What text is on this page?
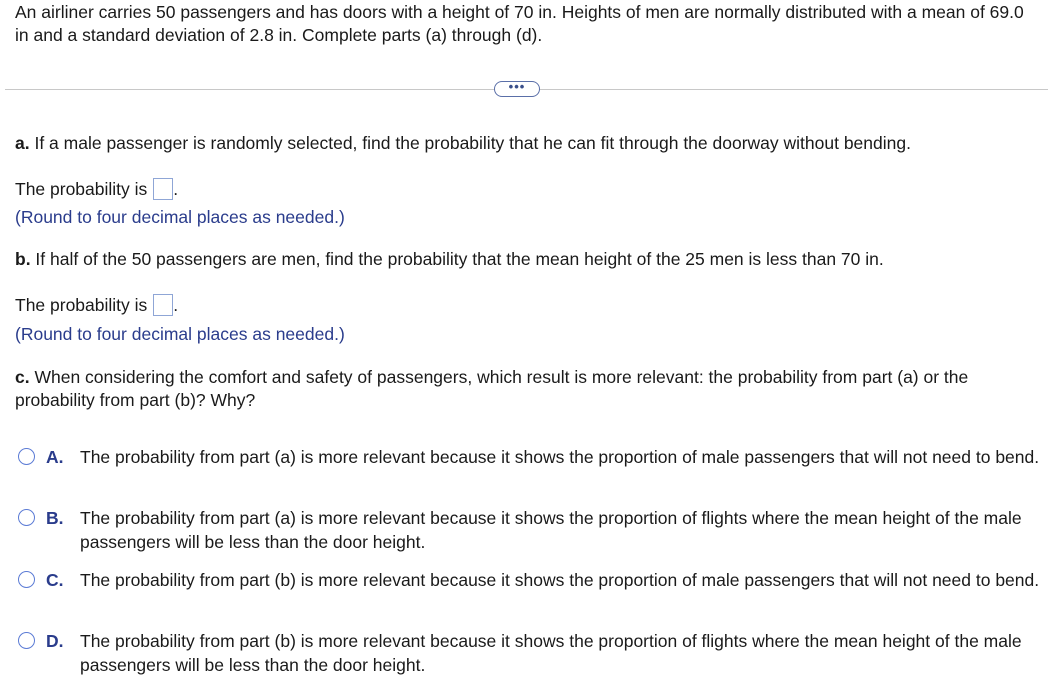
An airliner carries 50 passengers and has doors with a height of 70 in. Heights of men are normally distributed with a mean of 69.0 in and a standard deviation of 2.8 in. Complete parts (a) through (d).
•••
a. If a male passenger is randomly selected, find the probability that he can fit through the doorway without bending.
The probability is .
(Round to four decimal places as needed.)
b. If half of the 50 passengers are men, find the probability that the mean height of the 25 men is less than 70 in.
The probability is .
(Round to four decimal places as needed.)
c. When considering the comfort and safety of passengers, which result is more relevant: the probability from part (a) or the probability from part (b)? Why?
A. The probability from part (a) is more relevant because it shows the proportion of male passengers that will not need to bend.
B. The probability from part (a) is more relevant because it shows the proportion of flights where the mean height of the male passengers will be less than the door height.
C. The probability from part (b) is more relevant because it shows the proportion of male passengers that will not need to bend.
D. The probability from part (b) is more relevant because it shows the proportion of flights where the mean height of the male passengers will be less than the door height.
